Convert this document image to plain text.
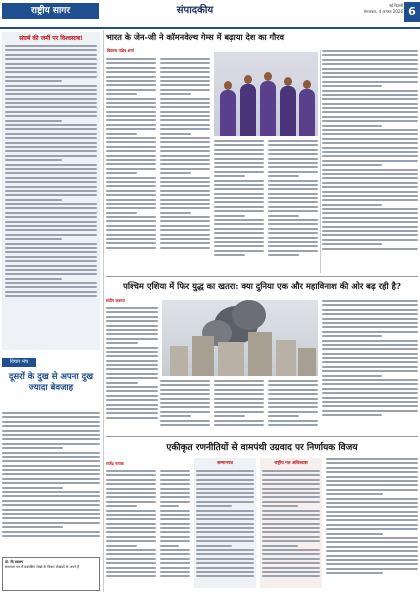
राष्ट्रीय सागर	संपादकीय	नई दिल्ली
मंगलवार, 4 अगस्त 2026 6
संघर्ष की जमीं पर विश्वसाब!
विचार मंच
दूसरों के दुख से अपना दुख ज्यादा बेवजाह
प्रो. चि बबलय
समाचार पत्र में प्रकाशित लेखों के विचार लेखकों के अपने हैं
भारत के जेन-जी ने कॉमनवेल्थ गेम्स में बढ़ाया देश का गौरव
विकास पांडेय शर्मा
पश्चिम एशिया में फिर युद्ध का खतरा: क्या दुनिया एक और महाविनाश की ओर बढ़ रही है?
संदीप कश्यप
एकीकृत रणनीतियों से वामपंथी उग्रवाद पर निर्णायक विजय
राजेंद्र नायक	सम्मानपत्र	राष्ट्रीय गत अविश्वास
